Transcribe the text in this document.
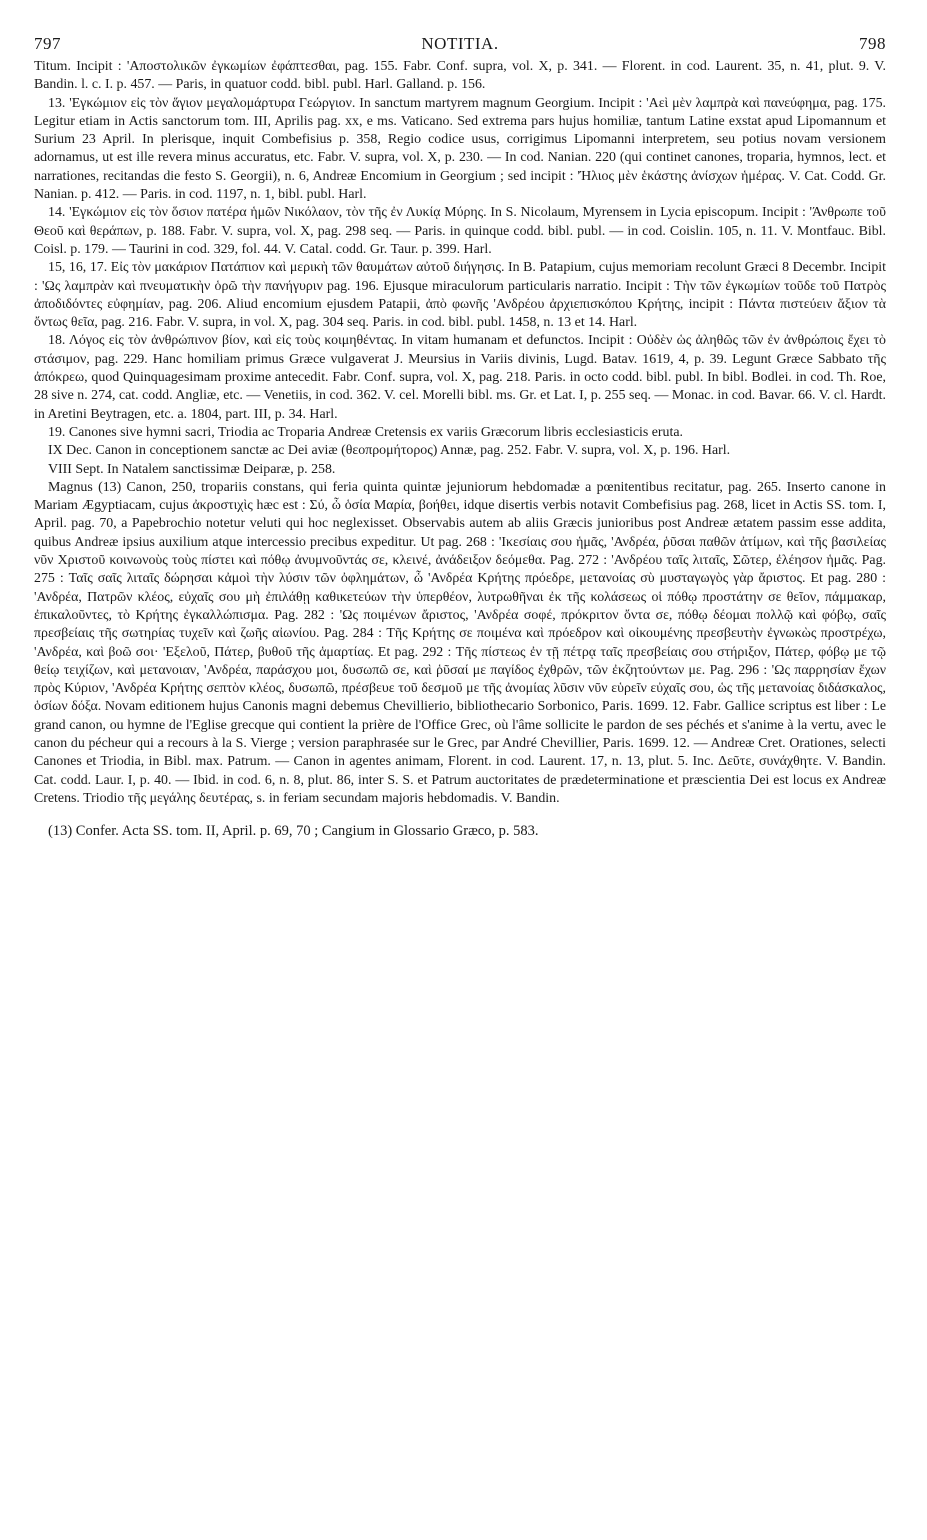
797	NOTITIA.	798

Titum. Incipit : 'Αποστολικῶν ἐγκωμίων ἐφάπτεσθαι, pag. 155. Fabr. Conf. supra, vol. X, p. 341. — Florent. in cod. Laurent. 35, n. 41, plut. 9. V. Bandin. l. c. I. p. 457. — Paris, in quatuor codd. bibl. publ. Harl. Galland. p. 156.

13. 'Εγκώμιον εἰς τὸν ἅγιον μεγαλομάρτυρα Γεώργιον. In sanctum martyrem magnum Georgium. Incipit : 'Αεὶ μὲν λαμπρὰ καὶ πανεύφημα, pag. 175. Legitur etiam in Actis sanctorum tom. III, Aprilis pag. xx, e ms. Vaticano. Sed extrema pars hujus homiliæ, tantum Latine exstat apud Lipomannum et Surium 23 April. In plerisque, inquit Combefisius p. 358, Regio codice usus, corrigimus Lipomanni interpretem, seu potius novam versionem adornamus, ut est ille revera minus accuratus, etc. Fabr. V. supra, vol. X, p. 230. — In cod. Nanian. 220 (qui continet canones, troparia, hymnos, lect. et narrationes, recitandas die festo S. Georgii), n. 6, Andreæ Encomium in Georgium ; sed incipit : 'Ήλιος μὲν ἑκάστης ἀνίσχων ἡμέρας. V. Cat. Codd. Gr. Nanian. p. 412. — Paris. in cod. 1197, n. 1, bibl. publ. Harl.

14. 'Εγκώμιον εἰς τὸν ὅσιον πατέρα ἡμῶν Νικόλαον, τὸν τῆς ἐν Λυκίᾳ Μύρης. In S. Nicolaum, Myrensem in Lycia episcopum. Incipit : 'Άνθρωπε τοῦ Θεοῦ καὶ θεράπων, p. 188. Fabr. V. supra, vol. X, pag. 298 seq. — Paris. in quinque codd. bibl. publ. — in cod. Coislin. 105, n. 11. V. Montfauc. Bibl. Coisl. p. 179. — Taurini in cod. 329, fol. 44. V. Catal. codd. Gr. Taur. p. 399. Harl.

15, 16, 17. Εἰς τὸν μακάριον Πατάπιον καὶ μερικὴ τῶν θαυμάτων αὐτοῦ διήγησις. In B. Patapium, cujus memoriam recolunt Græci 8 Decembr. Incipit : 'Ως λαμπρὰν καὶ πνευματικὴν ὁρῶ τὴν πανήγυριν pag. 196. Ejusque miraculorum particularis narratio. Incipit : Τὴν τῶν ἐγκωμίων τοῦδε τοῦ Πατρὸς ἀποδιδόντες εὐφημίαν, pag. 206. Aliud encomium ejusdem Patapii, ἀπὸ φωνῆς 'Ανδρέου ἀρχιεπισκόπου Κρήτης, incipit : Πάντα πιστεύειν ἄξιον τὰ ὄντως θεῖα, pag. 216. Fabr. V. supra, in vol. X, pag. 304 seq. Paris. in cod. bibl. publ. 1458, n. 13 et 14. Harl.

18. Λόγος εἰς τὸν ἀνθρώπινον βίον, καὶ εἰς τοὺς κοιμηθέντας. In vitam humanam et defunctos. Incipit : Οὐδὲν ὡς ἀληθῶς τῶν ἐν ἀνθρώποις ἔχει τὸ στάσιμον, pag. 229. Hanc homiliam primus Græce vulgaverat J. Meursius in Variis divinis, Lugd. Batav. 1619, 4, p. 39. Legunt Græce Sabbato τῆς ἀπόκρεω, quod Quinquagesimam proxime antecedit. Fabr. Conf. supra, vol. X, pag. 218. Paris. in octo codd. bibl. publ. In bibl. Bodlei. in cod. Th. Roe, 28 sive n. 274, cat. codd. Angliæ, etc. — Venetiis, in cod. 362. V. cel. Morelli bibl. ms. Gr. et Lat. I, p. 255 seq. — Monac. in cod. Bavar. 66. V. cl. Hardt. in Aretini Beytragen, etc. a. 1804, part. III, p. 34. Harl.

19. Canones sive hymni sacri, Triodia ac Troparia Andreæ Cretensis ex variis Græcorum libris ecclesiasticis eruta.

IX Dec. Canon in conceptionem sanctæ ac Dei aviæ (θεοπρομήτορος) Annæ, pag. 252. Fabr. V. supra, vol. X, p. 196. Harl.

VIII Sept. In Natalem sanctissimæ Deiparæ, p. 258.

Magnus (13) Canon, 250, tropariis constans, qui feria quinta quintæ jejuniorum hebdomadæ a pœnitentibus recitatur, pag. 265. Inserto canone in Mariam Ægyptiacam, cujus ἀκροστιχὶς hæc est : Σύ, ὦ ὁσία Μαρία, βοήθει, idque disertis verbis notavit Combefisius pag. 268, licet in Actis SS. tom. I, April. pag. 70, a Papebrochio notetur veluti qui hoc neglexisset. Observabis autem ab aliis Græcis junioribus post Andreæ ætatem passim esse addita, quibus Andreæ ipsius auxilium atque intercessio precibus expeditur. Ut pag. 268 : 'Ικεσίαις σου ἡμᾶς, 'Ανδρέα, ῥῦσαι παθῶν ἀτίμων, καὶ τῆς βασιλείας νῦν Χριστοῦ κοινωνοὺς τοὺς πίστει καὶ πόθῳ ἀνυμνοῦντάς σε, κλεινέ, ἀνάδειξον δεόμεθα. Pag. 272 : 'Ανδρέου ταῖς λιταῖς, Σῶτερ, ἐλέησον ἡμᾶς. Pag. 275 : Ταῖς σαῖς λιταῖς δώρησαι κἀμοὶ τὴν λύσιν τῶν ὀφλημάτων, ὦ 'Ανδρέα Κρήτης πρόεδρε, μετανοίας σὺ μυσταγωγὸς γὰρ ἄριστος. Et pag. 280 : 'Ανδρέα, Πατρῶν κλέος, εὐχαῖς σου μὴ ἐπιλάθῃ καθικετεύων τὴν ὑπερθέον, λυτρωθῆναι ἐκ τῆς κολάσεως οἱ πόθῳ προστάτην σε θεῖον, πάμμακαρ, ἐπικαλοῦντες, τὸ Κρήτης ἐγκαλλώπισμα. Pag. 282 : 'Ως ποιμένων ἄριστος, 'Ανδρέα σοφέ, πρόκριτον ὄντα σε, πόθῳ δέομαι πολλῷ καὶ φόβῳ, σαῖς πρεσβείαις τῆς σωτηρίας τυχεῖν καὶ ζωῆς αἰωνίου. Pag. 284 : Τῆς Κρήτης σε ποιμένα καὶ πρόεδρον καὶ οἰκουμένης πρεσβευτὴν ἐγνωκὼς προστρέχω, 'Ανδρέα, καὶ βοῶ σοι· 'Εξελοῦ, Πάτερ, βυθοῦ τῆς ἁμαρτίας. Et pag. 292 : Τῆς πίστεως ἐν τῇ πέτρᾳ ταῖς πρεσβείαις σου στήριξον, Πάτερ, φόβῳ με τῷ θείῳ τειχίζων, καὶ μετανοιαν, 'Ανδρέα, παράσχου μοι, δυσωπῶ σε, καὶ ῥῦσαί με παγίδος ἐχθρῶν, τῶν ἐκζητούντων με. Pag. 296 : 'Ως παρρησίαν ἔχων πρὸς Κύριον, 'Ανδρέα Κρήτης σεπτὸν κλέος, δυσωπῶ, πρέσβευε τοῦ δεσμοῦ με τῆς ἀνομίας λῦσιν νῦν εὑρεῖν εὐχαῖς σου, ὡς τῆς μετανοίας διδάσκαλος, ὁσίων δόξα. Novam editionem hujus Canonis magni debemus Chevillierio, bibliothecario Sorbonico, Paris. 1699. 12. Fabr. Gallice scriptus est liber : Le grand canon, ou hymne de l'Eglise grecque qui contient la prière de l'Office Grec, où l'âme sollicite le pardon de ses péchés et s'anime à la vertu, avec le canon du pécheur qui a recours à la S. Vierge ; version paraphrasée sur le Grec, par André Chevillier, Paris. 1699. 12. — Andreæ Cret. Orationes, selecti Canones et Triodia, in Bibl. max. Patrum. — Canon in agentes animam, Florent. in cod. Laurent. 17, n. 13, plut. 5. Inc. Δεῦτε, συνάχθητε. V. Bandin. Cat. codd. Laur. I, p. 40. — Ibid. in cod. 6, n. 8, plut. 86, inter S. S. et Patrum auctoritates de prædeterminatione et præscientia Dei est locus ex Andreæ Cretens. Triodio τῆς μεγάλης δευτέρας, s. in feriam secundam majoris hebdomadis. V. Bandin.

(13) Confer. Acta SS. tom. II, April. p. 69, 70 ; Cangium in Glossario Græco, p. 583.
